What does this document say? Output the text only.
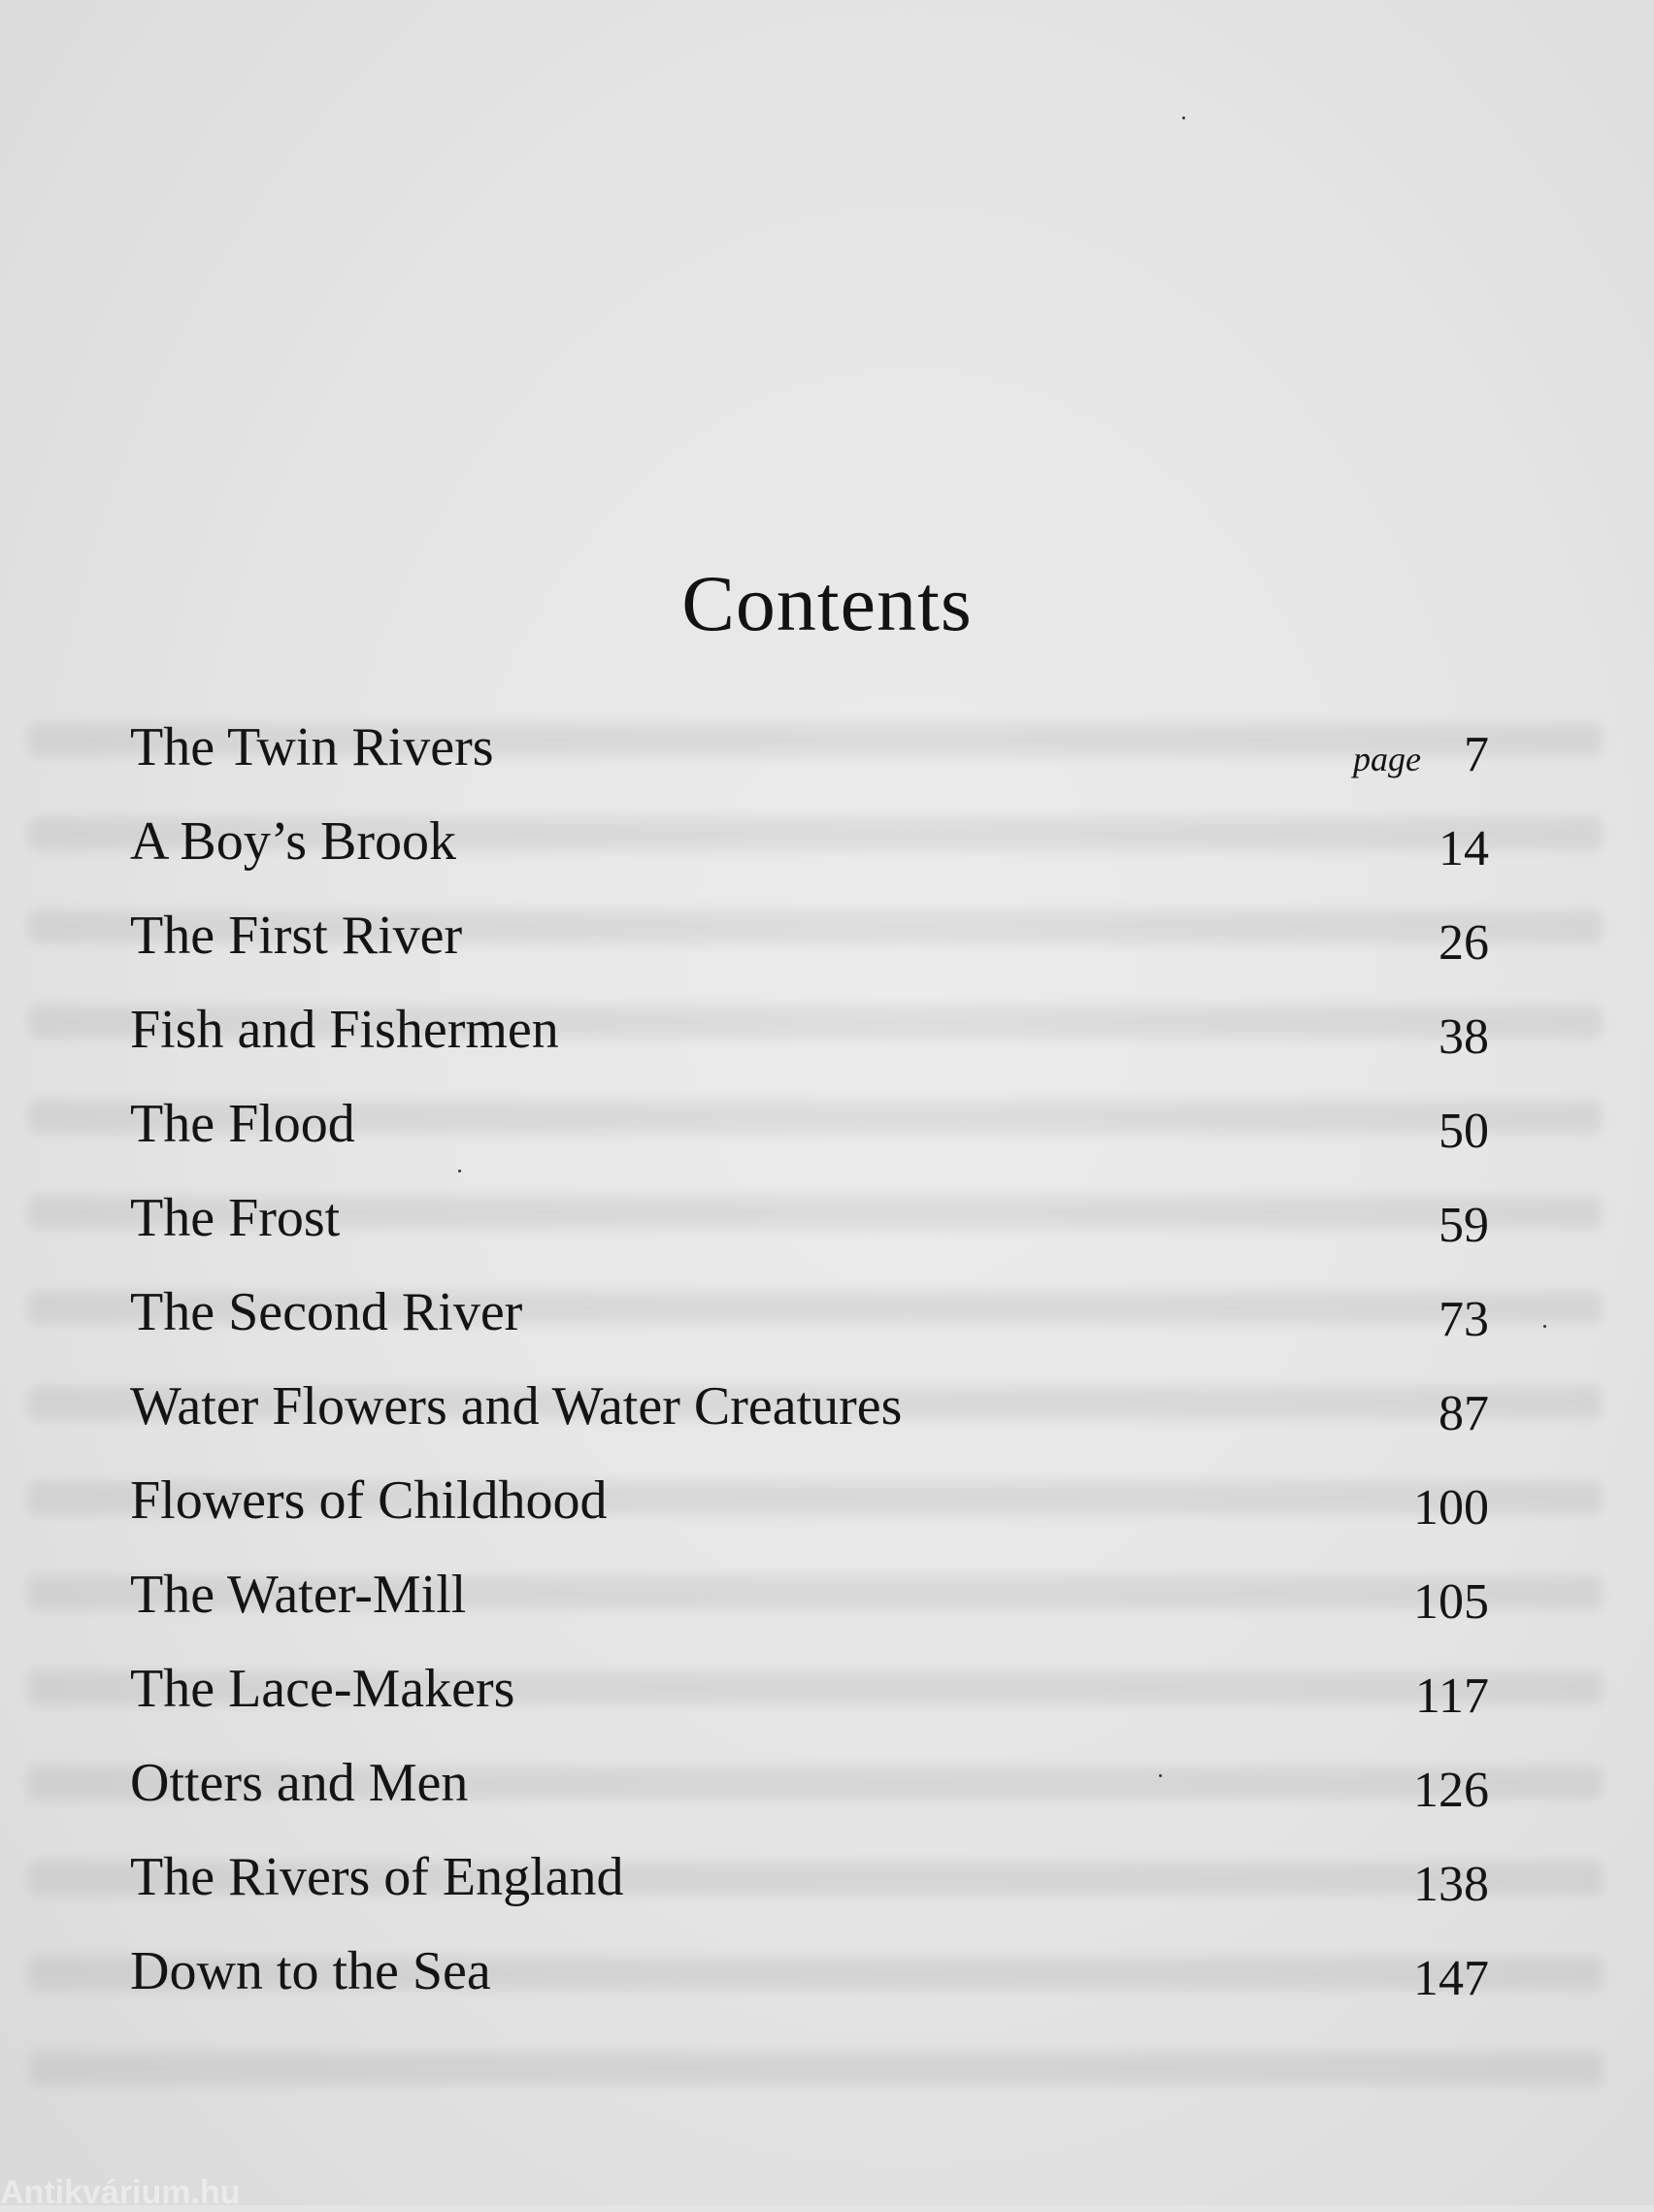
Contents
The Twin Rivers	page 7
A Boy’s Brook	14
The First River	26
Fish and Fishermen	38
The Flood	50
The Frost	59
The Second River	73
Water Flowers and Water Creatures	87
Flowers of Childhood	100
The Water-Mill	105
The Lace-Makers	117
Otters and Men	126
The Rivers of England	138
Down to the Sea	147
Antikvárium.hu
